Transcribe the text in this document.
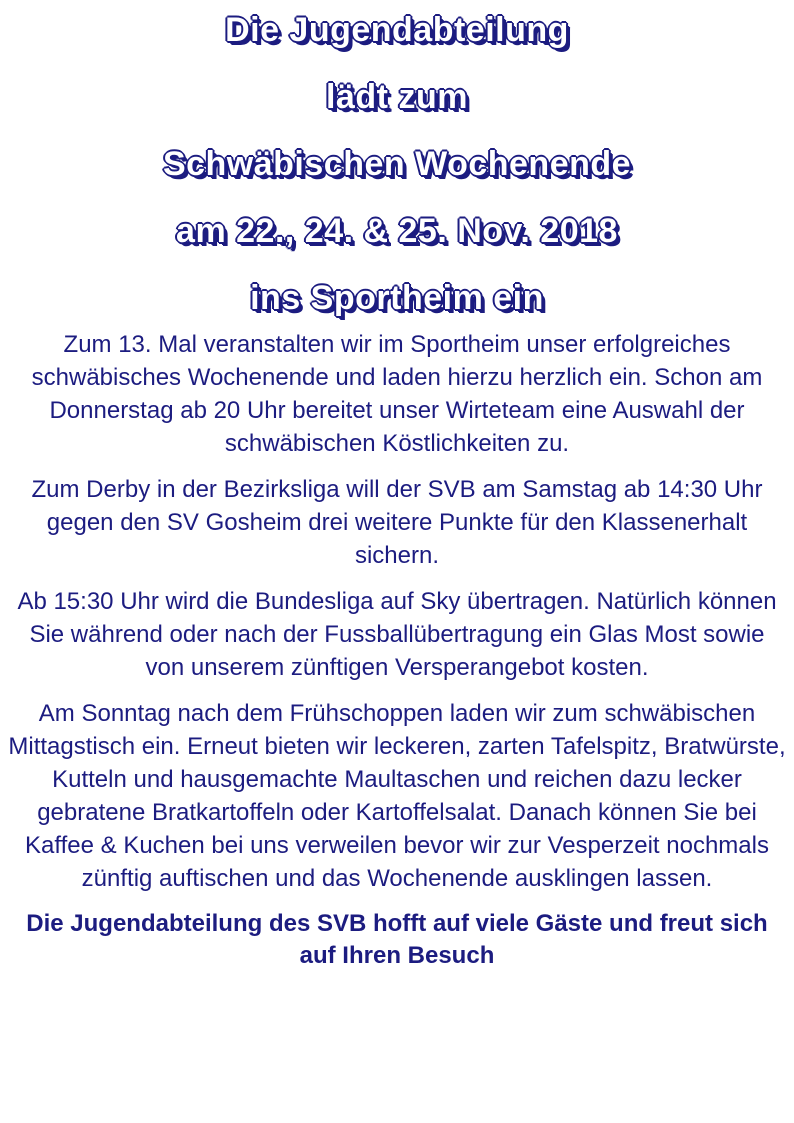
Die Jugendabteilung
lädt zum
Schwäbischen Wochenende
am 22., 24. & 25. Nov. 2018
ins Sportheim ein

Zum 13. Mal veranstalten wir im Sportheim unser erfolgreiches schwäbisches Wochenende und laden hierzu herzlich ein. Schon am Donnerstag ab 20 Uhr bereitet unser Wirteteam eine Auswahl der schwäbischen Köstlichkeiten zu.

Zum Derby in der Bezirksliga will der SVB am Samstag ab 14:30 Uhr gegen den SV Gosheim drei weitere Punkte für den Klassenerhalt sichern.

Ab 15:30 Uhr wird die Bundesliga auf Sky übertragen. Natürlich können Sie während oder nach der Fussballübertragung ein Glas Most sowie von unserem zünftigen Versperangebot kosten.

Am Sonntag nach dem Frühschoppen laden wir zum schwäbischen Mittagstisch ein. Erneut bieten wir leckeren, zarten Tafelspitz, Bratwürste, Kutteln und hausgemachte Maultaschen und reichen dazu lecker gebratene Bratkartoffeln oder Kartoffelsalat. Danach können Sie bei Kaffee & Kuchen bei uns verweilen bevor wir zur Vesperzeit nochmals zünftig auftischen und das Wochenende ausklingen lassen.

Die Jugendabteilung des SVB hofft auf viele Gäste und freut sich auf Ihren Besuch
